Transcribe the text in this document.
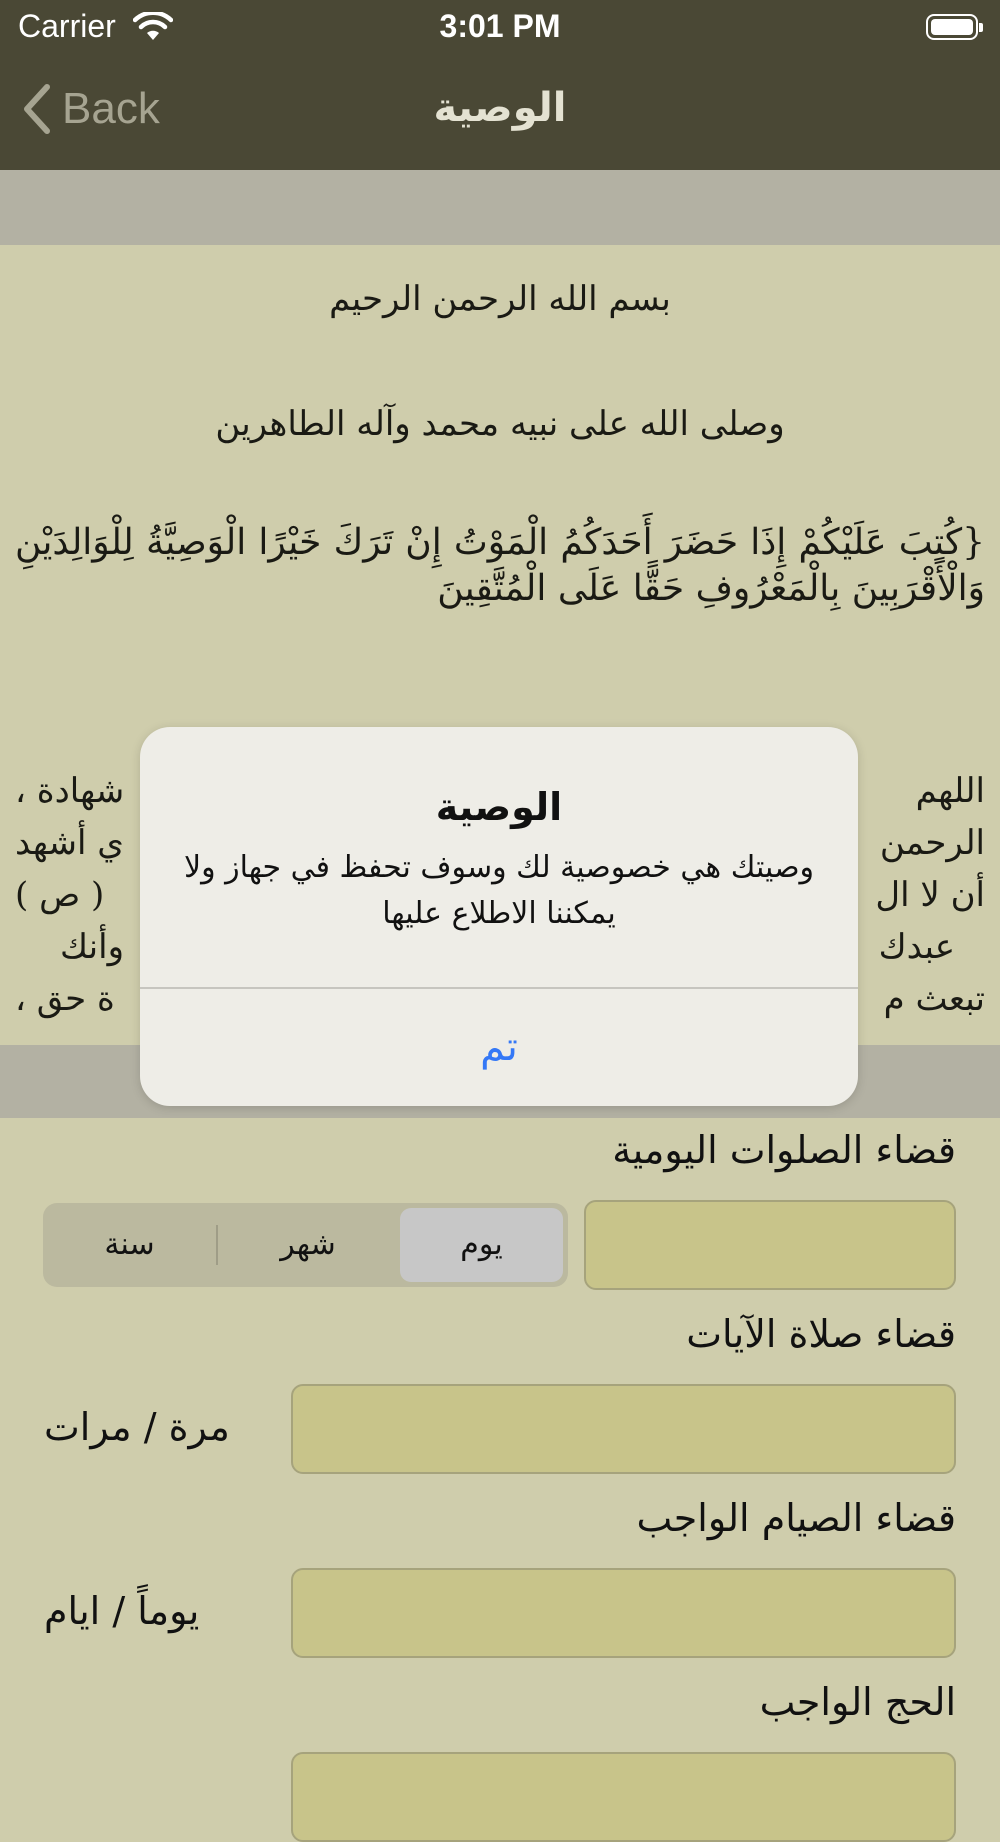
Carrier	3:01 PM
Back	الوصية
بسم الله الرحمن الرحيم
وصلى الله على نبيه محمد وآله الطاهرين
{كُتِبَ عَلَيْكُمْ إِذَا حَضَرَ أَحَدَكُمُ الْمَوْتُ إِنْ تَرَكَ خَيْرًا الْوَصِيَّةُ لِلْوَالِدَيْنِ وَالْأَقْرَبِينَ بِالْمَعْرُوفِ حَقًّا عَلَى الْمُتَّقِينَ
اللهم
الرحمن
أن لا ال
عبدك
تبعث م
شهادة ،
ي أشهد
( ص )
وأنك
ة حق ،
قضاء الصلوات اليومية
يوم
شهر
سنة
قضاء صلاة الآيات
مرة / مرات
قضاء الصيام الواجب
يوماً / ايام
الحج الواجب
الوصية
وصيتك هي خصوصية لك وسوف تحفظ في جهاز ولا يمكننا الاطلاع عليها
تم
